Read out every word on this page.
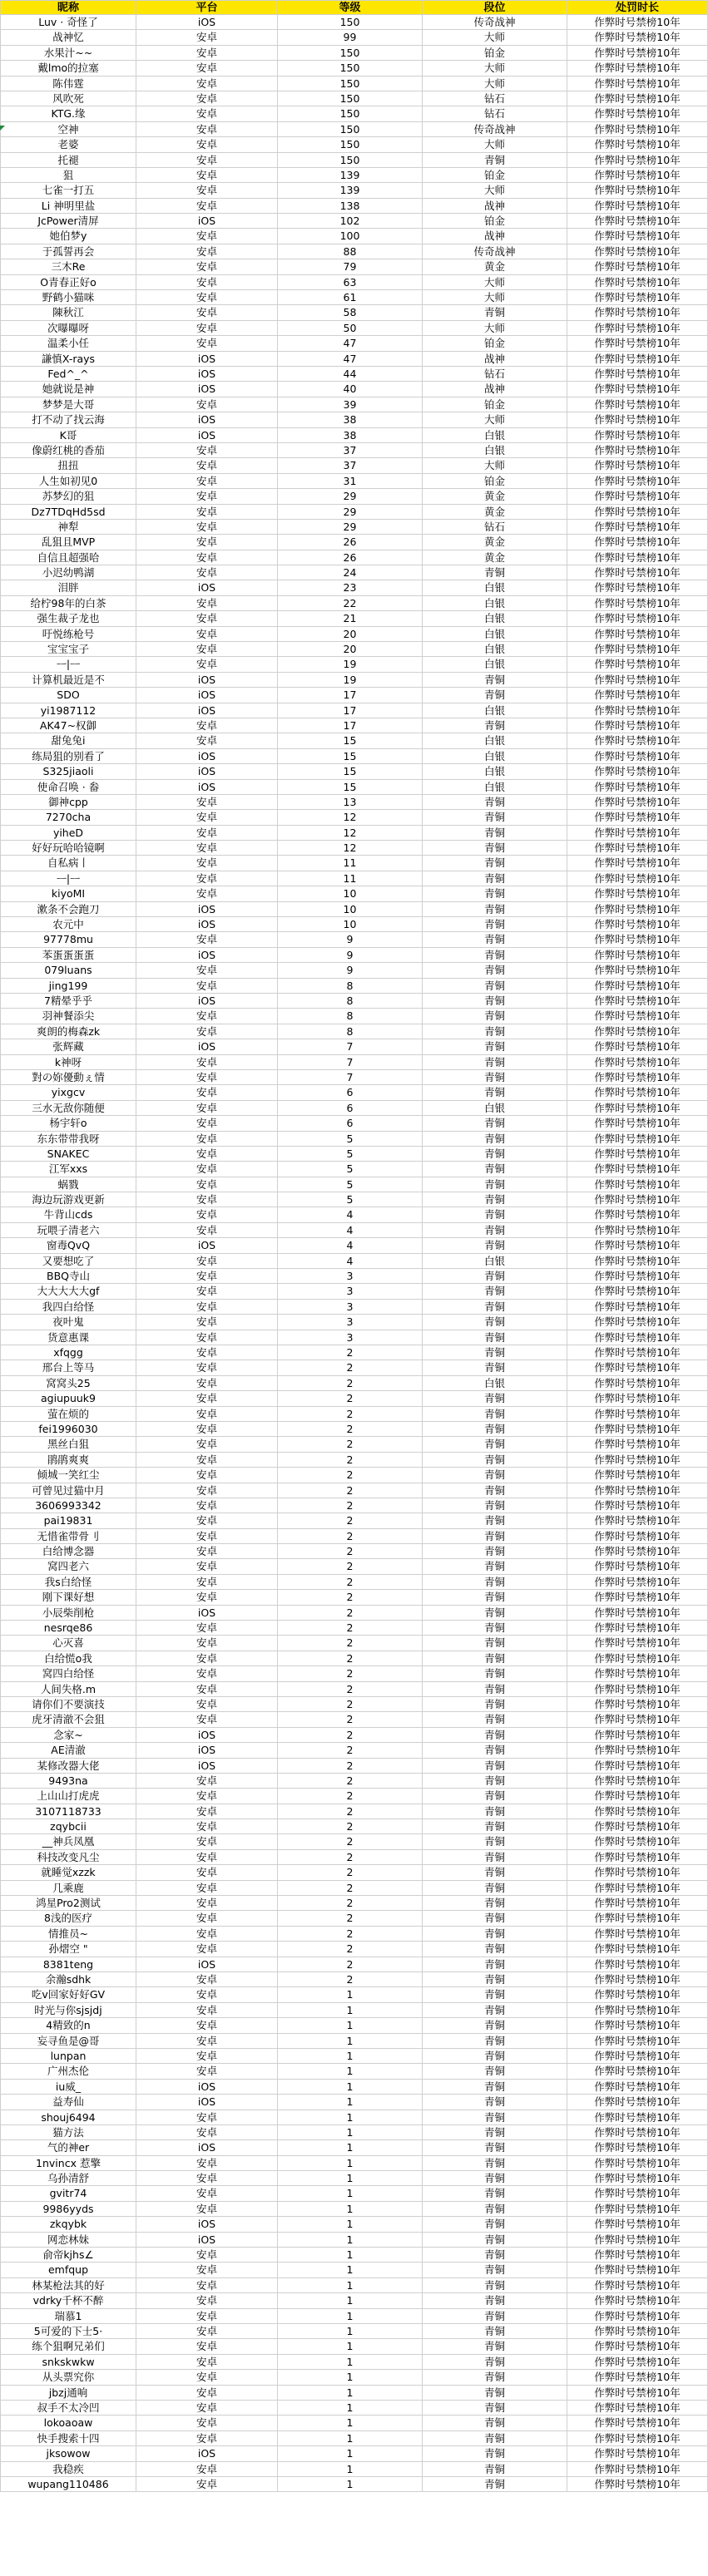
昵称	平台	等级	段位	处罚时长
Luv · 奇怪了	iOS	150	传奇战神	作弊时号禁榜10年
战神忆	安卓	99	大师	作弊时号禁榜10年
水果汁~~	安卓	150	铂金	作弊时号禁榜10年
戴lmo的拉塞	安卓	150	大师	作弊时号禁榜10年
陈伟霆	安卓	150	大师	作弊时号禁榜10年
风吹死	安卓	150	钻石	作弊时号禁榜10年
KTG.缘	安卓	150	钻石	作弊时号禁榜10年
空神	安卓	150	传奇战神	作弊时号禁榜10年
老婆	安卓	150	大师	作弊时号禁榜10年
托褪	安卓	150	青铜	作弊时号禁榜10年
狙	安卓	139	铂金	作弊时号禁榜10年
七雀一打五	安卓	139	大师	作弊时号禁榜10年
Li 神明里盐	安卓	138	战神	作弊时号禁榜10年
JcPower清屏	iOS	102	铂金	作弊时号禁榜10年
她伯梦y	安卓	100	战神	作弊时号禁榜10年
于孤誓再会	安卓	88	传奇战神	作弊时号禁榜10年
三木Re	安卓	79	黄金	作弊时号禁榜10年
O青春正好o	安卓	63	大师	作弊时号禁榜10年
野鹤小猫咪	安卓	61	大师	作弊时号禁榜10年
陳秋江	安卓	58	青铜	作弊时号禁榜10年
次曝曝呀	安卓	50	大师	作弊时号禁榜10年
温柔小任	安卓	47	铂金	作弊时号禁榜10年
謙慎X-rays	iOS	47	战神	作弊时号禁榜10年
Fed^_^	iOS	44	钻石	作弊时号禁榜10年
她就说是神	iOS	40	战神	作弊时号禁榜10年
梦梦是大哥	安卓	39	铂金	作弊时号禁榜10年
打不动了找云海	iOS	38	大师	作弊时号禁榜10年
K哥	iOS	38	白银	作弊时号禁榜10年
像蔚红桃的香茄	安卓	37	白银	作弊时号禁榜10年
扭扭	安卓	37	大师	作弊时号禁榜10年
人生如初见0	安卓	31	铂金	作弊时号禁榜10年
苏梦幻的狙	安卓	29	黄金	作弊时号禁榜10年
Dz7TDqHd5sd	安卓	29	黄金	作弊时号禁榜10年
神犁	安卓	29	钻石	作弊时号禁榜10年
乱狙且MVP	安卓	26	黄金	作弊时号禁榜10年
自信且超强哈	安卓	26	黄金	作弊时号禁榜10年
小迟幼鸭湖	安卓	24	青铜	作弊时号禁榜10年
泪胖	iOS	23	白银	作弊时号禁榜10年
给柠98年的白茶	安卓	22	白银	作弊时号禁榜10年
强生裁子龙也	安卓	21	白银	作弊时号禁榜10年
吁悦练枪号	安卓	20	白银	作弊时号禁榜10年
宝宝宝子	安卓	20	白银	作弊时号禁榜10年
ᅳ|ᅳ	安卓	19	白银	作弊时号禁榜10年
计算机最近是不	iOS	19	青铜	作弊时号禁榜10年
SDO	iOS	17	青铜	作弊时号禁榜10年
yi1987112	iOS	17	白银	作弊时号禁榜10年
AK47~权御	安卓	17	青铜	作弊时号禁榜10年
甜兔兔i	安卓	15	白银	作弊时号禁榜10年
练局狙的别看了	iOS	15	白银	作弊时号禁榜10年
S325jiaoli	iOS	15	白银	作弊时号禁榜10年
使命召唤 · 畚	iOS	15	白银	作弊时号禁榜10年
御神cpp	安卓	13	青铜	作弊时号禁榜10年
7270cha	安卓	12	青铜	作弊时号禁榜10年
yiheD	安卓	12	青铜	作弊时号禁榜10年
好好玩哈哈镜啊	安卓	12	青铜	作弊时号禁榜10年
自私病丨	安卓	11	青铜	作弊时号禁榜10年
ᅳ|ᅳ	安卓	11	青铜	作弊时号禁榜10年
kiyoMI	安卓	10	青铜	作弊时号禁榜10年
漱条不会跑刀	iOS	10	青铜	作弊时号禁榜10年
农元中	iOS	10	青铜	作弊时号禁榜10年
97778mu	安卓	9	青铜	作弊时号禁榜10年
苯蛋蛋蛋蛋	iOS	9	青铜	作弊时号禁榜10年
079luans	安卓	9	青铜	作弊时号禁榜10年
jing199	安卓	8	青铜	作弊时号禁榜10年
7精晕乎乎	iOS	8	青铜	作弊时号禁榜10年
羽神餐添尖	安卓	8	青铜	作弊时号禁榜10年
爽朗的梅森zk	安卓	8	青铜	作弊时号禁榜10年
张辉藏	iOS	7	青铜	作弊时号禁榜10年
k神呀	安卓	7	青铜	作弊时号禁榜10年
對の妳優動ぇ情	安卓	7	青铜	作弊时号禁榜10年
yixgcv	安卓	6	青铜	作弊时号禁榜10年
三水无敌你随便	安卓	6	白银	作弊时号禁榜10年
杨宇轩o	安卓	6	青铜	作弊时号禁榜10年
东东带带我呀	安卓	5	青铜	作弊时号禁榜10年
SNAKEC	安卓	5	青铜	作弊时号禁榜10年
江军xxs	安卓	5	青铜	作弊时号禁榜10年
蜗戮	安卓	5	青铜	作弊时号禁榜10年
海边玩游戏更新	安卓	5	青铜	作弊时号禁榜10年
牛背山cds	安卓	4	青铜	作弊时号禁榜10年
玩喂子清老六	安卓	4	青铜	作弊时号禁榜10年
窗毒QvQ	iOS	4	青铜	作弊时号禁榜10年
又要想吃了	安卓	4	白银	作弊时号禁榜10年
BBQ寺山	安卓	3	青铜	作弊时号禁榜10年
大大大大大gf	安卓	3	青铜	作弊时号禁榜10年
我四白给怪	安卓	3	青铜	作弊时号禁榜10年
夜叶鬼	安卓	3	青铜	作弊时号禁榜10年
货意惠课	安卓	3	青铜	作弊时号禁榜10年
xfqgg	安卓	2	青铜	作弊时号禁榜10年
邢台上等马	安卓	2	青铜	作弊时号禁榜10年
窝窝头25	安卓	2	白银	作弊时号禁榜10年
agiupuuk9	安卓	2	青铜	作弊时号禁榜10年
萤在烦的	安卓	2	青铜	作弊时号禁榜10年
fei1996030	安卓	2	青铜	作弊时号禁榜10年
黑丝白狙	安卓	2	青铜	作弊时号禁榜10年
鹃鹃爽爽	安卓	2	青铜	作弊时号禁榜10年
倾城一笑红尘	安卓	2	青铜	作弊时号禁榜10年
可曾见过猫中月	安卓	2	青铜	作弊时号禁榜10年
3606993342	安卓	2	青铜	作弊时号禁榜10年
pai19831	安卓	2	青铜	作弊时号禁榜10年
无惜雀带骨刂	安卓	2	青铜	作弊时号禁榜10年
白给博念器	安卓	2	青铜	作弊时号禁榜10年
窝四老六	安卓	2	青铜	作弊时号禁榜10年
我s白给怪	安卓	2	青铜	作弊时号禁榜10年
刚下课好想	安卓	2	青铜	作弊时号禁榜10年
小辰柴削枪	iOS	2	青铜	作弊时号禁榜10年
nesrqe86	安卓	2	青铜	作弊时号禁榜10年
心灭喜	安卓	2	青铜	作弊时号禁榜10年
白给慌o我	安卓	2	青铜	作弊时号禁榜10年
窝四白给怪	安卓	2	青铜	作弊时号禁榜10年
人间失格.m	安卓	2	青铜	作弊时号禁榜10年
请你们不要演技	安卓	2	青铜	作弊时号禁榜10年
虎牙清澈不会狙	安卓	2	青铜	作弊时号禁榜10年
念家~	iOS	2	青铜	作弊时号禁榜10年
AE清澈	iOS	2	青铜	作弊时号禁榜10年
某修改器大佬	iOS	2	青铜	作弊时号禁榜10年
9493na	安卓	2	青铜	作弊时号禁榜10年
上山山打虎虎	安卓	2	青铜	作弊时号禁榜10年
3107118733	安卓	2	青铜	作弊时号禁榜10年
zqybcii	安卓	2	青铜	作弊时号禁榜10年
__神兵凤凰	安卓	2	青铜	作弊时号禁榜10年
科技改变凡尘	安卓	2	青铜	作弊时号禁榜10年
就睡觉xzzk	安卓	2	青铜	作弊时号禁榜10年
几乘鹿	安卓	2	青铜	作弊时号禁榜10年
鸿星Pro2测试	安卓	2	青铜	作弊时号禁榜10年
8浅的医疗	安卓	2	青铜	作弊时号禁榜10年
情推员~	安卓	2	青铜	作弊时号禁榜10年
孙熠空 "	安卓	2	青铜	作弊时号禁榜10年
8381teng	iOS	2	青铜	作弊时号禁榜10年
余瀚sdhk	安卓	2	青铜	作弊时号禁榜10年
吃v回家好好GV	安卓	1	青铜	作弊时号禁榜10年
时光与你sjsjdj	安卓	1	青铜	作弊时号禁榜10年
4精致的n	安卓	1	青铜	作弊时号禁榜10年
妄寻鱼是@哥	安卓	1	青铜	作弊时号禁榜10年
lunpan	安卓	1	青铜	作弊时号禁榜10年
广州杰伦	安卓	1	青铜	作弊时号禁榜10年
iu威_	iOS	1	青铜	作弊时号禁榜10年
益寿仙	iOS	1	青铜	作弊时号禁榜10年
shouj6494	安卓	1	青铜	作弊时号禁榜10年
猫方法	安卓	1	青铜	作弊时号禁榜10年
气的神er	iOS	1	青铜	作弊时号禁榜10年
1nvincx 惹擎	安卓	1	青铜	作弊时号禁榜10年
乌孙清舒	安卓	1	青铜	作弊时号禁榜10年
gvitr74	安卓	1	青铜	作弊时号禁榜10年
9986yyds	安卓	1	青铜	作弊时号禁榜10年
zkqybk	iOS	1	青铜	作弊时号禁榜10年
网恋林妹	iOS	1	青铜	作弊时号禁榜10年
俞帝kjhs∠	安卓	1	青铜	作弊时号禁榜10年
emfqup	安卓	1	青铜	作弊时号禁榜10年
林某枪法其的好	安卓	1	青铜	作弊时号禁榜10年
vdrky千杯不醉	安卓	1	青铜	作弊时号禁榜10年
瑞慕1	安卓	1	青铜	作弊时号禁榜10年
5可爱的下士5·	安卓	1	青铜	作弊时号禁榜10年
练个狙啊兄弟们	安卓	1	青铜	作弊时号禁榜10年
snkskwkw	安卓	1	青铜	作弊时号禁榜10年
从头票究你	安卓	1	青铜	作弊时号禁榜10年
jbzj通响	安卓	1	青铜	作弊时号禁榜10年
叔手不太冷凹	安卓	1	青铜	作弊时号禁榜10年
lokoaoaw	安卓	1	青铜	作弊时号禁榜10年
快手搜索十四	安卓	1	青铜	作弊时号禁榜10年
jksowow	iOS	1	青铜	作弊时号禁榜10年
我稳疾	安卓	1	青铜	作弊时号禁榜10年
wupang110486	安卓	1	青铜	作弊时号禁榜10年
